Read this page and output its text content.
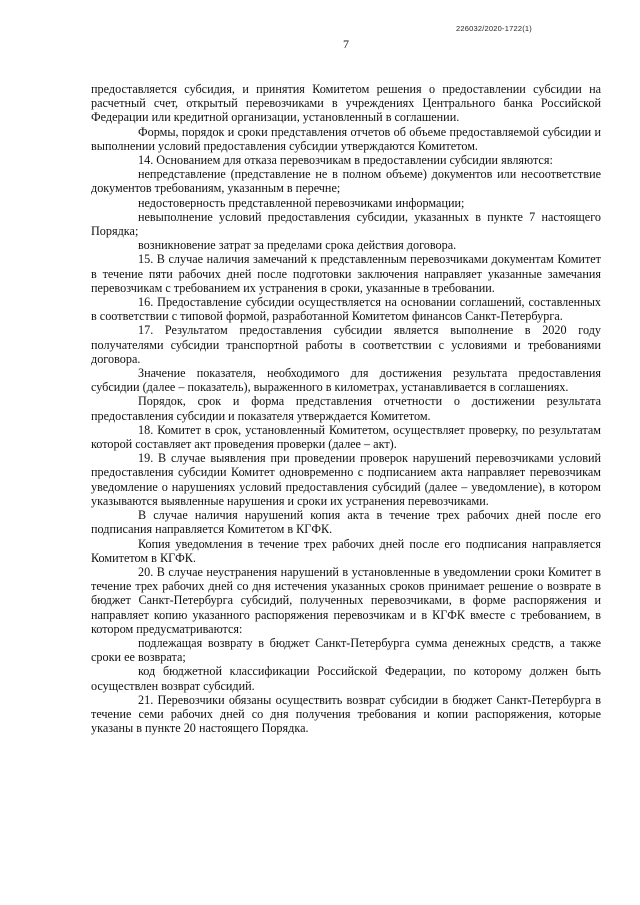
226032/2020-1722(1)
7

предоставляется субсидия, и принятия Комитетом решения о предоставлении субсидии на расчетный счет, открытый перевозчиками в учреждениях Центрального банка Российской Федерации или кредитной организации, установленный в соглашении.

Формы, порядок и сроки представления отчетов об объеме предоставляемой субсидии и выполнении условий предоставления субсидии утверждаются Комитетом.

14. Основанием для отказа перевозчикам в предоставлении субсидии являются:

непредставление (представление не в полном объеме) документов или несоответствие документов требованиям, указанным в перечне;

недостоверность представленной перевозчиками информации;

невыполнение условий предоставления субсидии, указанных в пункте 7 настоящего Порядка;

возникновение затрат за пределами срока действия договора.

15. В случае наличия замечаний к представленным перевозчиками документам Комитет в течение пяти рабочих дней после подготовки заключения направляет указанные замечания перевозчикам с требованием их устранения в сроки, указанные в требовании.

16. Предоставление субсидии осуществляется на основании соглашений, составленных в соответствии с типовой формой, разработанной Комитетом финансов Санкт-Петербурга.

17. Результатом предоставления субсидии является выполнение в 2020 году получателями субсидии транспортной работы в соответствии с условиями и требованиями договора.

Значение показателя, необходимого для достижения результата предоставления субсидии (далее – показатель), выраженного в километрах, устанавливается в соглашениях.

Порядок, срок и форма представления отчетности о достижении результата предоставления субсидии и показателя утверждается Комитетом.

18. Комитет в срок, установленный Комитетом, осуществляет проверку, по результатам которой составляет акт проведения проверки (далее – акт).

19. В случае выявления при проведении проверок нарушений перевозчиками условий предоставления субсидии Комитет одновременно с подписанием акта направляет перевозчикам уведомление о нарушениях условий предоставления субсидий (далее – уведомление), в котором указываются выявленные нарушения и сроки их устранения перевозчиками.

В случае наличия нарушений копия акта в течение трех рабочих дней после его подписания направляется Комитетом в КГФК.

Копия уведомления в течение трех рабочих дней после его подписания направляется Комитетом в КГФК.

20. В случае неустранения нарушений в установленные в уведомлении сроки Комитет в течение трех рабочих дней со дня истечения указанных сроков принимает решение о возврате в бюджет Санкт-Петербурга субсидий, полученных перевозчиками, в форме распоряжения и направляет копию указанного распоряжения перевозчикам и в КГФК вместе с требованием, в котором предусматриваются:

подлежащая возврату в бюджет Санкт-Петербурга сумма денежных средств, а также сроки ее возврата;

код бюджетной классификации Российской Федерации, по которому должен быть осуществлен возврат субсидий.

21. Перевозчики обязаны осуществить возврат субсидии в бюджет Санкт-Петербурга в течение семи рабочих дней со дня получения требования и копии распоряжения, которые указаны в пункте 20 настоящего Порядка.
